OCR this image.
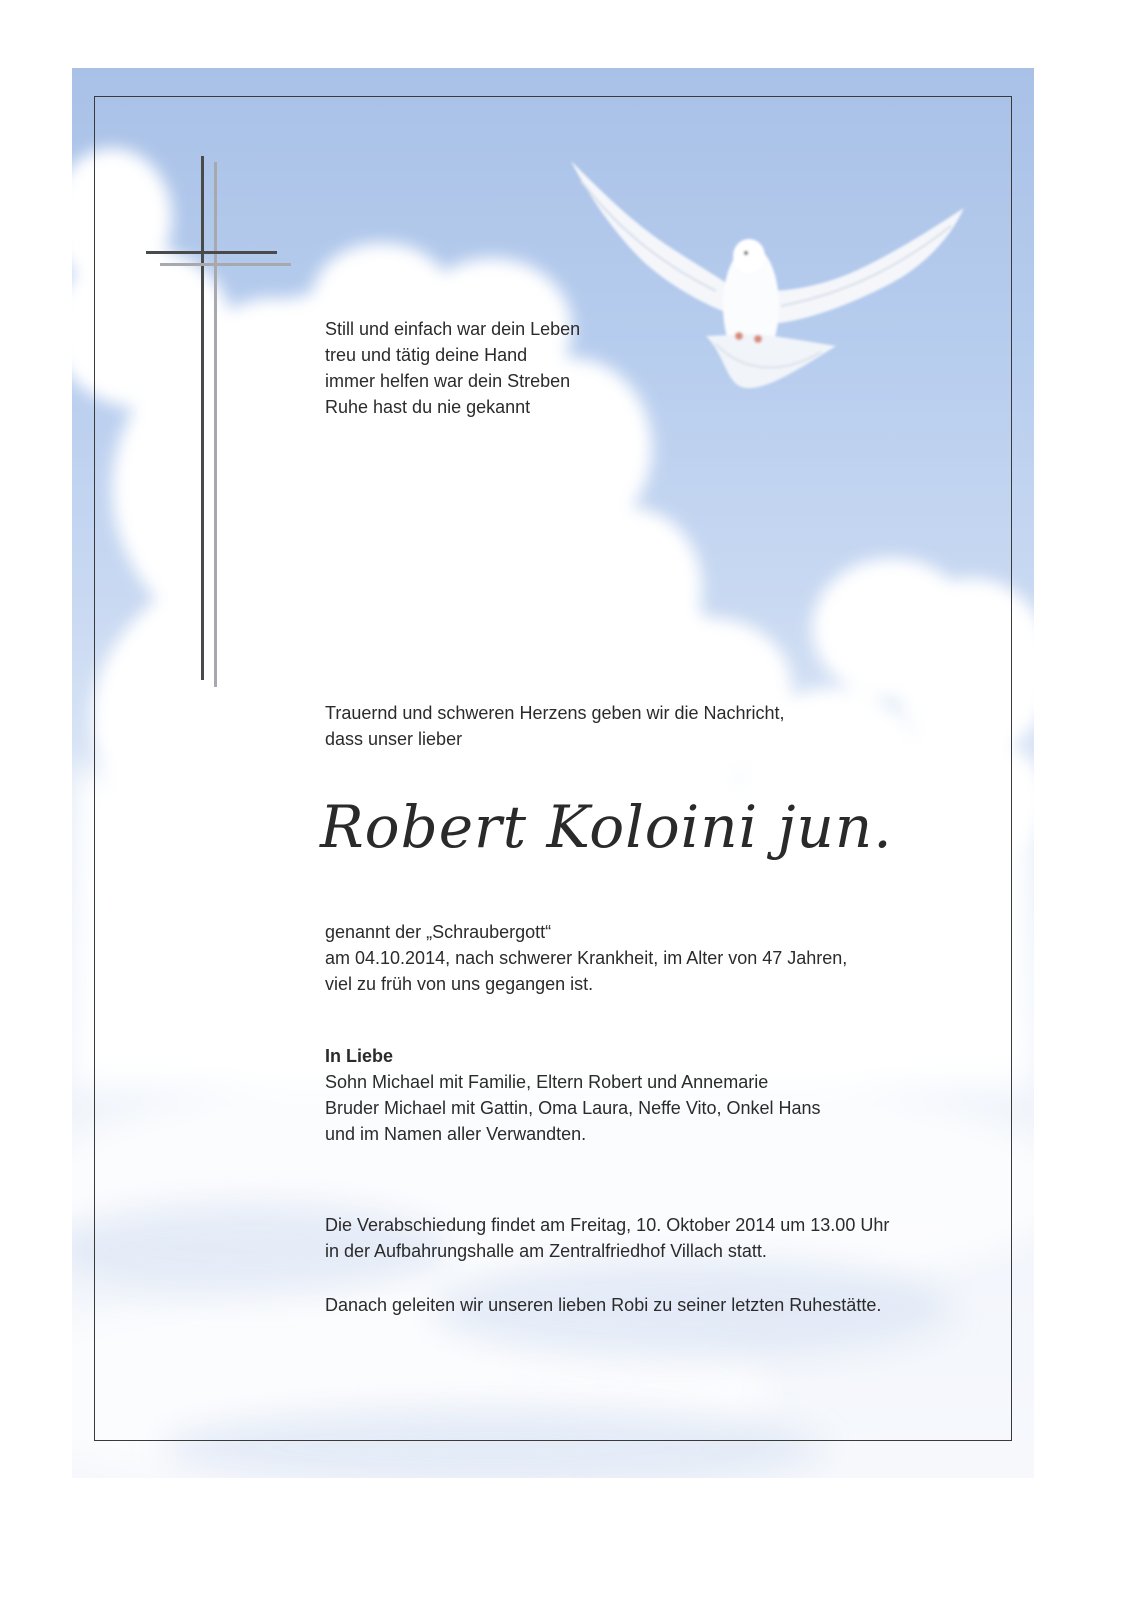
Still und einfach war dein Leben
treu und tätig deine Hand
immer helfen war dein Streben
Ruhe hast du nie gekannt
Trauernd und schweren Herzens geben wir die Nachricht,
dass unser lieber
Robert Koloini jun.
genannt der „Schraubergott“
am 04.10.2014, nach schwerer Krankheit, im Alter von 47 Jahren,
viel zu früh von uns gegangen ist.
In Liebe
Sohn Michael mit Familie, Eltern Robert und Annemarie
Bruder Michael mit Gattin, Oma Laura, Neffe Vito, Onkel Hans
und im Namen aller Verwandten.
Die Verabschiedung findet am Freitag, 10. Oktober 2014 um 13.00 Uhr
in der Aufbahrungshalle am Zentralfriedhof Villach statt.
Danach geleiten wir unseren lieben Robi zu seiner letzten Ruhestätte.
